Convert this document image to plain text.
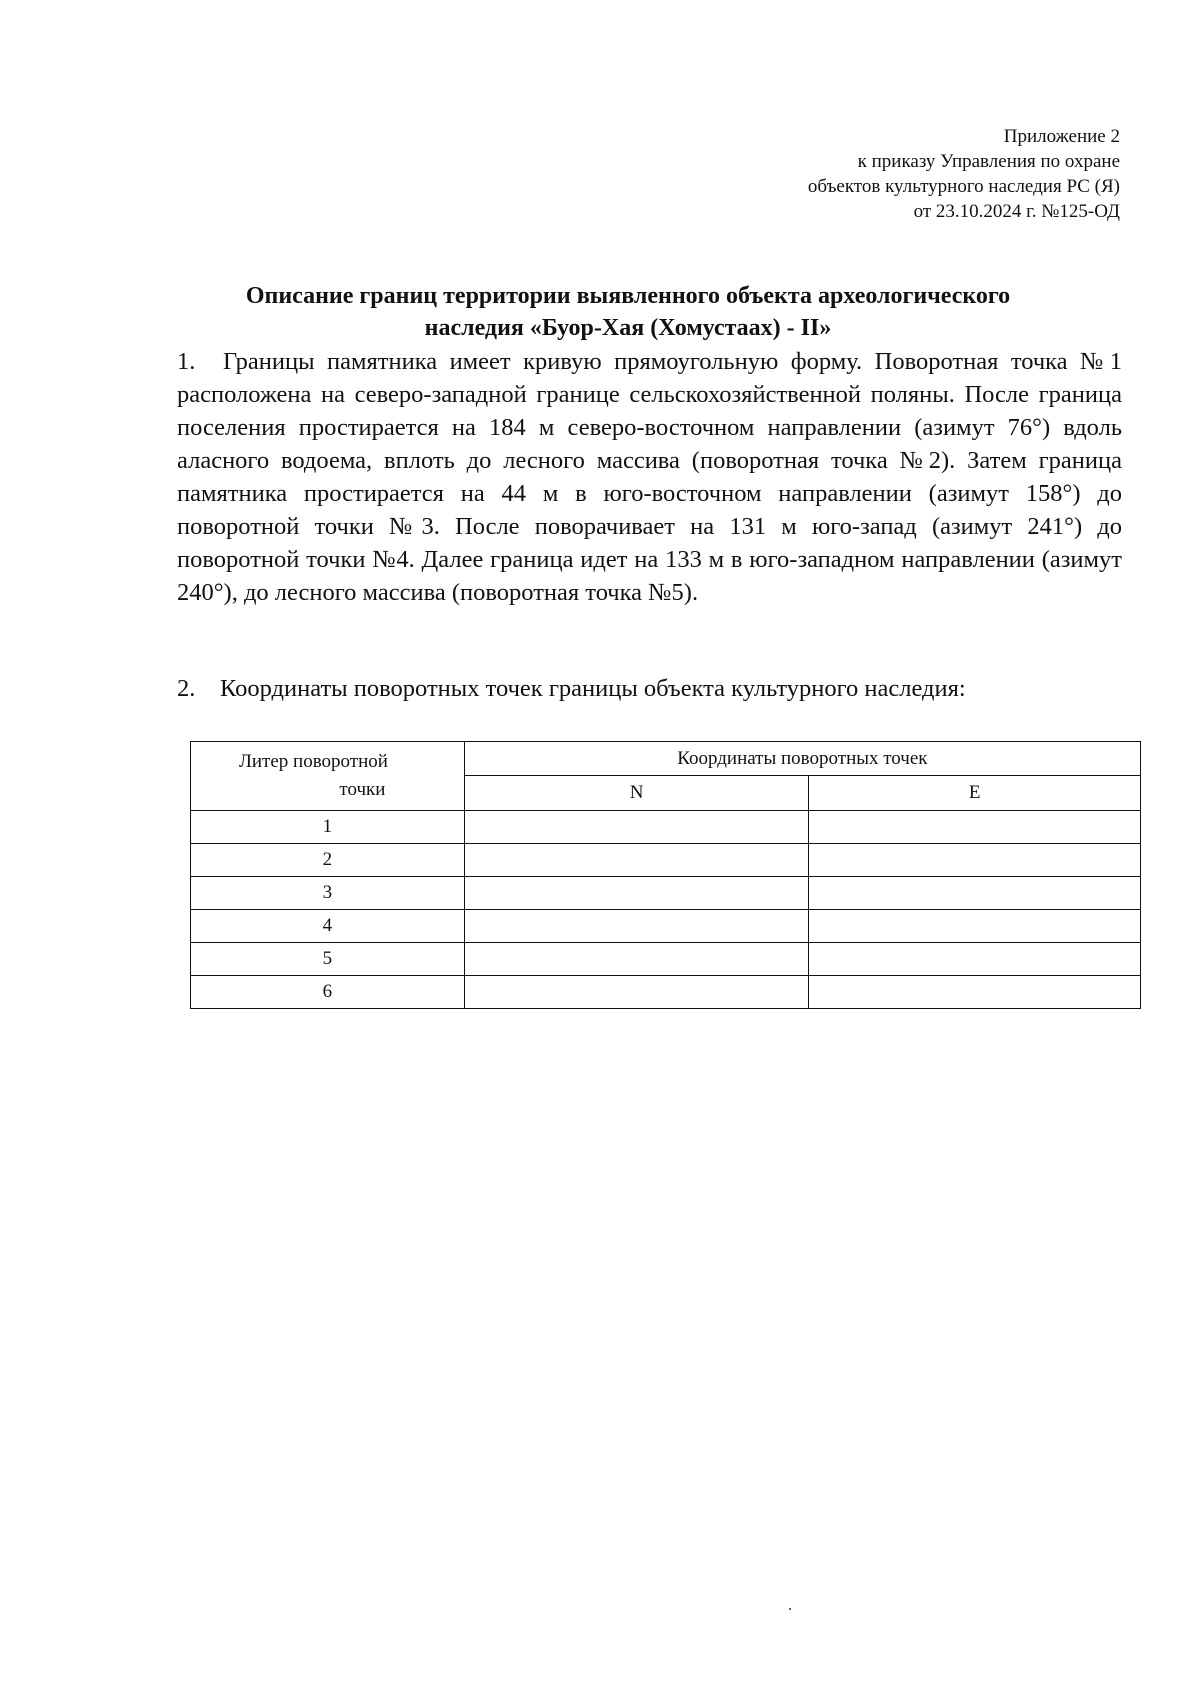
Приложение 2
к приказу Управления по охране
объектов культурного наследия РС (Я)
от 23.10.2024 г. №125-ОД
Описание границ территории выявленного объекта археологического
наследия «Буор-Хая (Хомустаах) - II»
1. Границы памятника имеет кривую прямоугольную форму. Поворотная точка №1 расположена на северо-западной границе сельскохозяйственной поляны. После граница поселения простирается на 184 м северо-восточном направлении (азимут 76°) вдоль аласного водоема, вплоть до лесного массива (поворотная точка №2). Затем граница памятника простирается на 44 м в юго-восточном направлении (азимут 158°) до поворотной точки №3. После поворачивает на 131 м юго-запад (азимут 241°) до поворотной точки №4. Далее граница идет на 133 м в юго-западном направлении (азимут 240°), до лесного массива (поворотная точка №5).
2. Координаты поворотных точек границы объекта культурного наследия:
Литер поворотной
точки	Координаты поворотных точек	
	N	E
1		
2		
3		
4		
5		
6		
